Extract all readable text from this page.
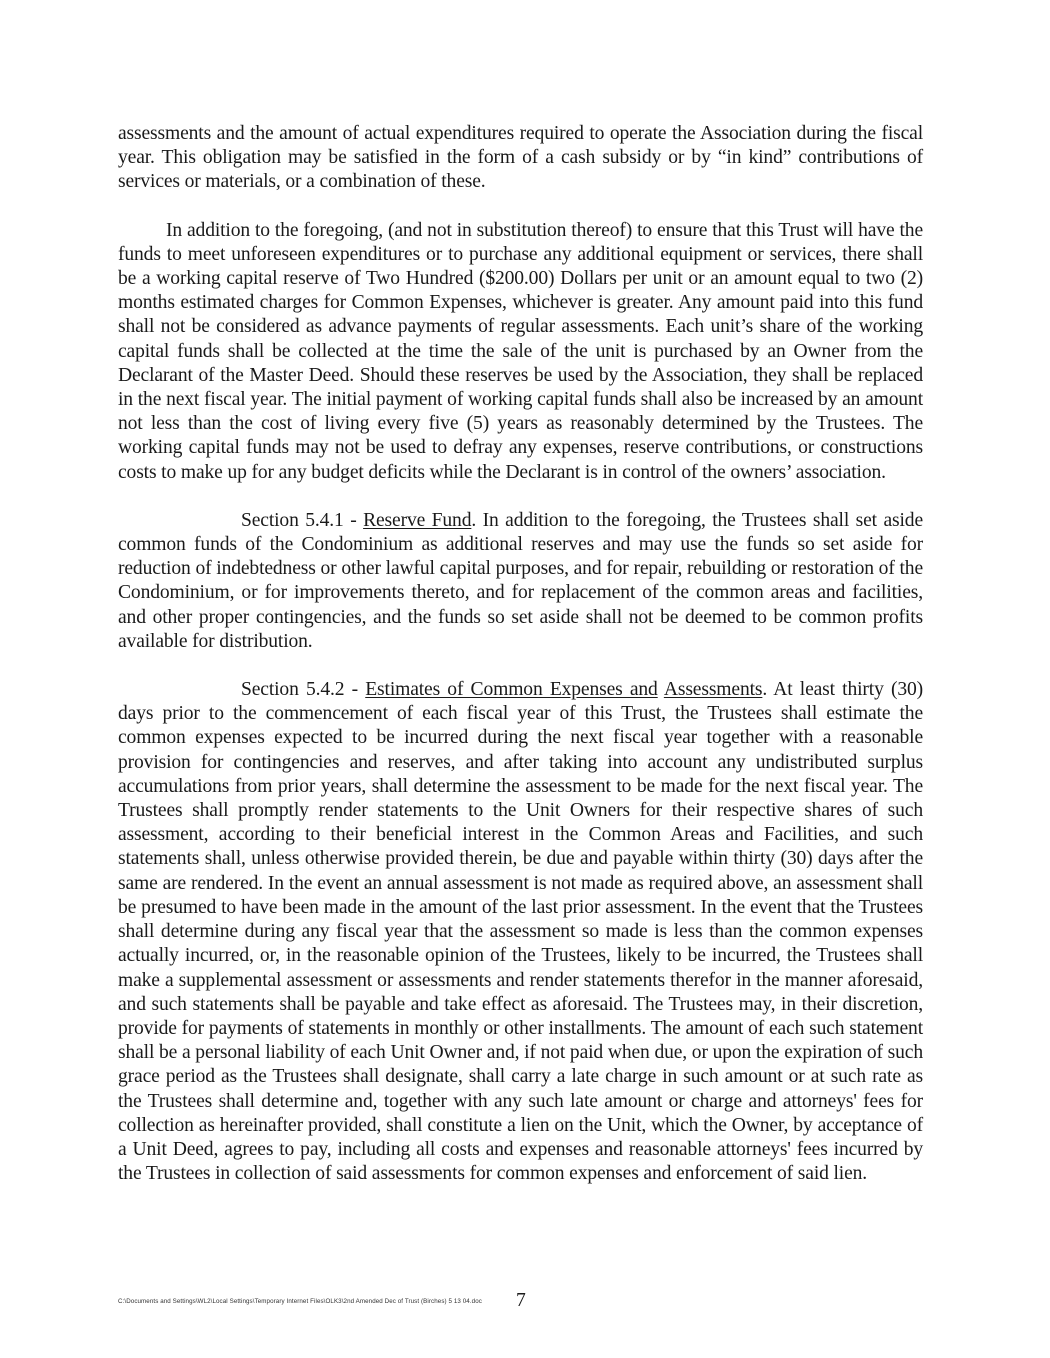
assessments and the amount of actual expenditures required to operate the Association during the fiscal year. This obligation may be satisfied in the form of a cash subsidy or by “in kind” contributions of services or materials, or a combination of these.

In addition to the foregoing, (and not in substitution thereof) to ensure that this Trust will have the funds to meet unforeseen expenditures or to purchase any additional equipment or services, there shall be a working capital reserve of Two Hundred ($200.00) Dollars per unit or an amount equal to two (2) months estimated charges for Common Expenses, whichever is greater. Any amount paid into this fund shall not be considered as advance payments of regular assessments. Each unit’s share of the working capital funds shall be collected at the time the sale of the unit is purchased by an Owner from the Declarant of the Master Deed. Should these reserves be used by the Association, they shall be replaced in the next fiscal year. The initial payment of working capital funds shall also be increased by an amount not less than the cost of living every five (5) years as reasonably determined by the Trustees. The working capital funds may not be used to defray any expenses, reserve contributions, or constructions costs to make up for any budget deficits while the Declarant is in control of the owners’ association.

Section 5.4.1 - Reserve Fund. In addition to the foregoing, the Trustees shall set aside common funds of the Condominium as additional reserves and may use the funds so set aside for reduction of indebtedness or other lawful capital purposes, and for repair, rebuilding or restoration of the Condominium, or for improvements thereto, and for replacement of the common areas and facilities, and other proper contingencies, and the funds so set aside shall not be deemed to be common profits available for distribution.

Section 5.4.2 - Estimates of Common Expenses and Assessments. At least thirty (30) days prior to the commencement of each fiscal year of this Trust, the Trustees shall estimate the common expenses expected to be incurred during the next fiscal year together with a reasonable provision for contingencies and reserves, and after taking into account any undistributed surplus accumulations from prior years, shall determine the assessment to be made for the next fiscal year. The Trustees shall promptly render statements to the Unit Owners for their respective shares of such assessment, according to their beneficial interest in the Common Areas and Facilities, and such statements shall, unless otherwise provided therein, be due and payable within thirty (30) days after the same are rendered. In the event an annual assessment is not made as required above, an assessment shall be presumed to have been made in the amount of the last prior assessment. In the event that the Trustees shall determine during any fiscal year that the assessment so made is less than the common expenses actually incurred, or, in the reasonable opinion of the Trustees, likely to be incurred, the Trustees shall make a supplemental assessment or assessments and render statements therefor in the manner aforesaid, and such statements shall be payable and take effect as aforesaid. The Trustees may, in their discretion, provide for payments of statements in monthly or other installments. The amount of each such statement shall be a personal liability of each Unit Owner and, if not paid when due, or upon the expiration of such grace period as the Trustees shall designate, shall carry a late charge in such amount or at such rate as the Trustees shall determine and, together with any such late amount or charge and attorneys' fees for collection as hereinafter provided, shall constitute a lien on the Unit, which the Owner, by acceptance of a Unit Deed, agrees to pay, including all costs and expenses and reasonable attorneys' fees incurred by the Trustees in collection of said assessments for common expenses and enforcement of said lien.

C:\Documents and Settings\WL2\Local Settings\Temporary Internet Files\OLK3\2nd Amended Dec of Trust (Birches) 5 13 04.doc 7
